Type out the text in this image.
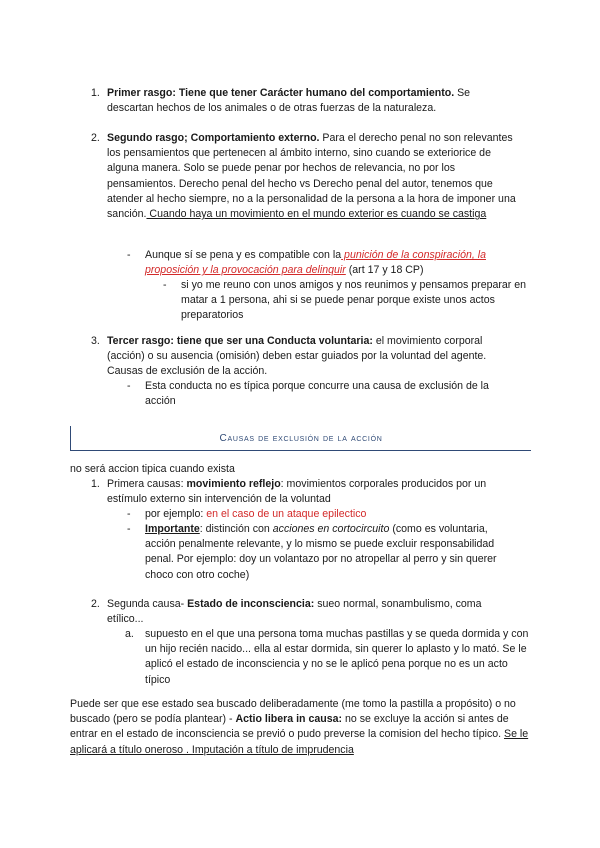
1. Primer rasgo: Tiene que tener Carácter humano del comportamiento. Se descartan hechos de los animales o de otras fuerzas de la naturaleza.

2. Segundo rasgo; Comportamiento externo. Para el derecho penal no son relevantes los pensamientos que pertenecen al ámbito interno, sino cuando se exteriorice de alguna manera. Solo se puede penar por hechos de relevancia, no por los pensamientos. Derecho penal del hecho vs Derecho penal del autor, tenemos que atender al hecho siempre, no a la personalidad de la persona a la hora de imponer una sanción. Cuando haya un movimiento en el mundo exterior es cuando se castiga

- Aunque sí se pena y es compatible con la punición de la conspiración, la proposición y la provocación para delinquir (art 17 y 18 CP)

- si yo me reuno con unos amigos y nos reunimos y pensamos preparar en matar a 1 persona, ahi si se puede penar porque existe unos actos preparatorios

3. Tercer rasgo: tiene que ser una Conducta voluntaria: el movimiento corporal (acción) o su ausencia (omisión) deben estar guiados por la voluntad del agente. Causas de exclusión de la acción.

- Esta conducta no es típica porque concurre una causa de exclusión de la acción

Causas de exclusión de la acción

no será accion tipica cuando exista

1. Primera causas: movimiento reflejo: movimientos corporales producidos por un estímulo externo sin intervención de la voluntad

- por ejemplo: en el caso de un ataque epilectico

- Importante: distinción con acciones en cortocircuito (como es voluntaria, acción penalmente relevante, y lo mismo se puede excluir responsabilidad penal. Por ejemplo: doy un volantazo por no atropellar al perro y sin querer choco con otro coche)

2. Segunda causa- Estado de inconsciencia: sueo normal, sonambulismo, coma etílico...

a. supuesto en el que una persona toma muchas pastillas y se queda dormida y con un hijo recién nacido... ella al estar dormida, sin querer lo aplasto y lo mató. Se le aplicó el estado de inconsciencia y no se le aplicó pena porque no es un acto típico

Puede ser que ese estado sea buscado deliberadamente (me tomo la pastilla a propósito) o no buscado (pero se podía plantear) - Actio libera in causa: no se excluye la acción si antes de entrar en el estado de inconsciencia se previó o pudo preverse la comision del hecho típico. Se le aplicará a título oneroso . Imputación a título de imprudencia
